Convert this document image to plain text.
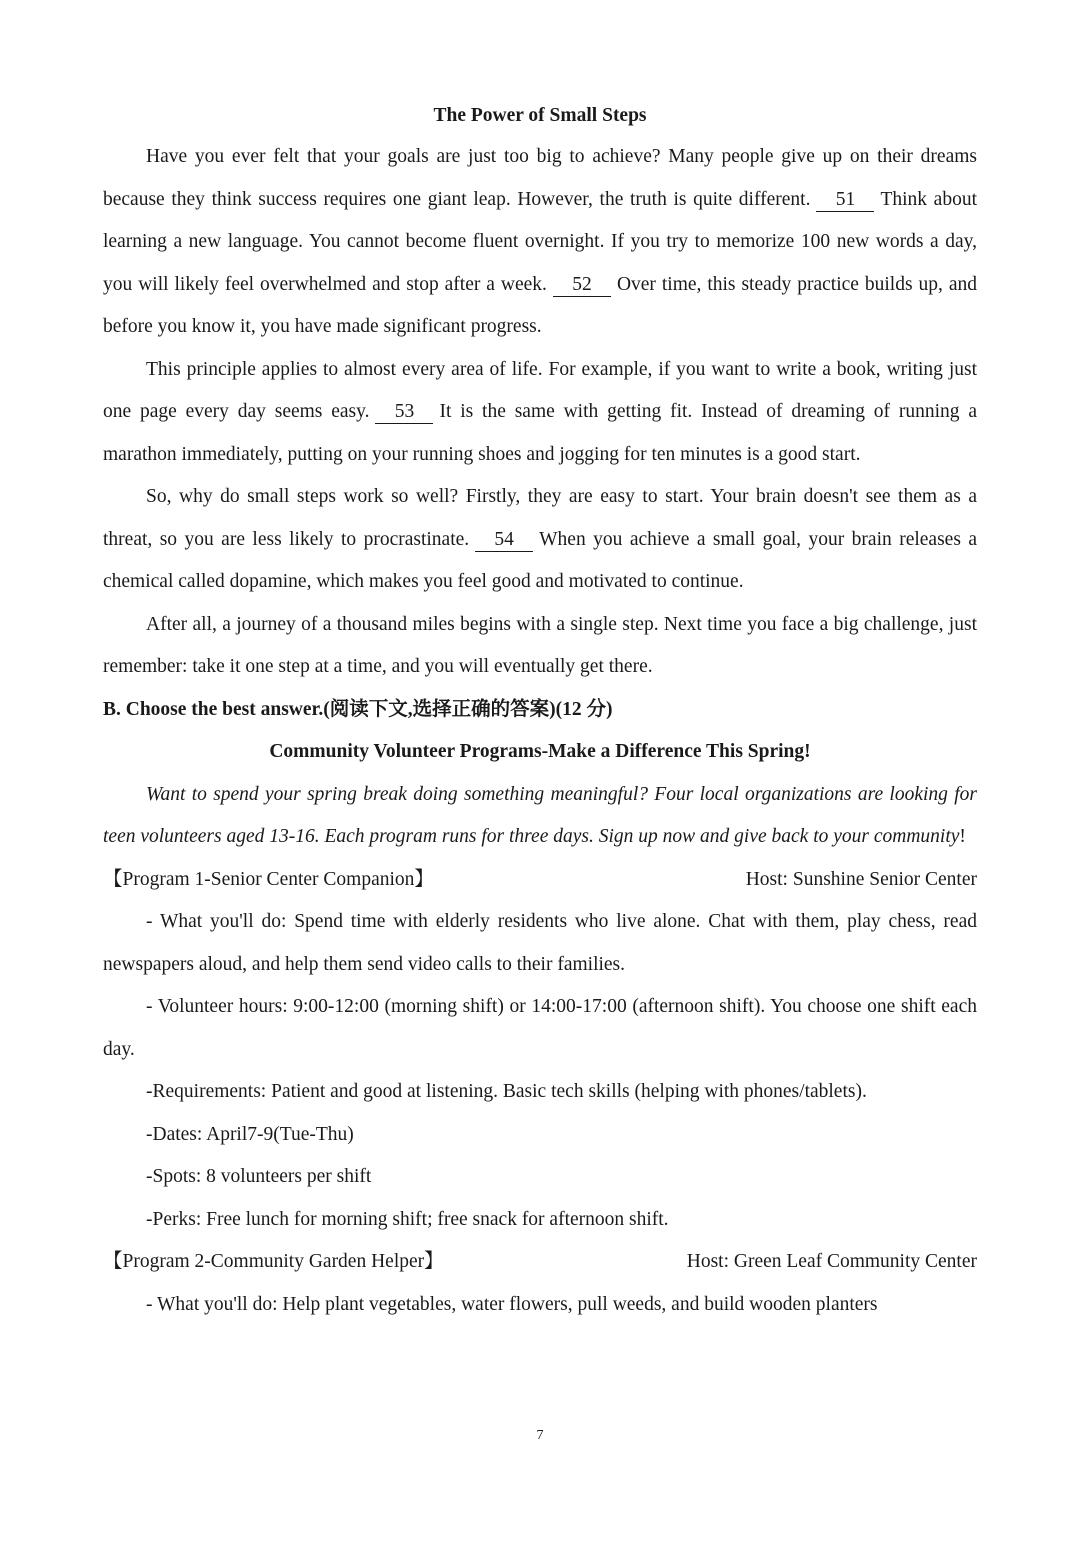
The Power of Small Steps

Have you ever felt that your goals are just too big to achieve? Many people give up on their dreams because they think success requires one giant leap. However, the truth is quite different. 51 Think about learning a new language. You cannot become fluent overnight. If you try to memorize 100 new words a day, you will likely feel overwhelmed and stop after a week. 52 Over time, this steady practice builds up, and before you know it, you have made significant progress.

This principle applies to almost every area of life. For example, if you want to write a book, writing just one page every day seems easy. 53 It is the same with getting fit. Instead of dreaming of running a marathon immediately, putting on your running shoes and jogging for ten minutes is a good start.

So, why do small steps work so well? Firstly, they are easy to start. Your brain doesn't see them as a threat, so you are less likely to procrastinate. 54 When you achieve a small goal, your brain releases a chemical called dopamine, which makes you feel good and motivated to continue.

After all, a journey of a thousand miles begins with a single step. Next time you face a big challenge, just remember: take it one step at a time, and you will eventually get there.

B. Choose the best answer.(阅读下文,选择正确的答案)(12 分)

Community Volunteer Programs-Make a Difference This Spring!

Want to spend your spring break doing something meaningful? Four local organizations are looking for teen volunteers aged 13-16. Each program runs for three days. Sign up now and give back to your community!

【Program 1-Senior Center Companion】	Host: Sunshine Senior Center

- What you'll do: Spend time with elderly residents who live alone. Chat with them, play chess, read newspapers aloud, and help them send video calls to their families.

- Volunteer hours: 9:00-12:00 (morning shift) or 14:00-17:00 (afternoon shift). You choose one shift each day.

-Requirements: Patient and good at listening. Basic tech skills (helping with phones/tablets).

-Dates: April7-9(Tue-Thu)

-Spots: 8 volunteers per shift

-Perks: Free lunch for morning shift; free snack for afternoon shift.

【Program 2-Community Garden Helper】	Host: Green Leaf Community Center

- What you'll do: Help plant vegetables, water flowers, pull weeds, and build wooden planters

7
